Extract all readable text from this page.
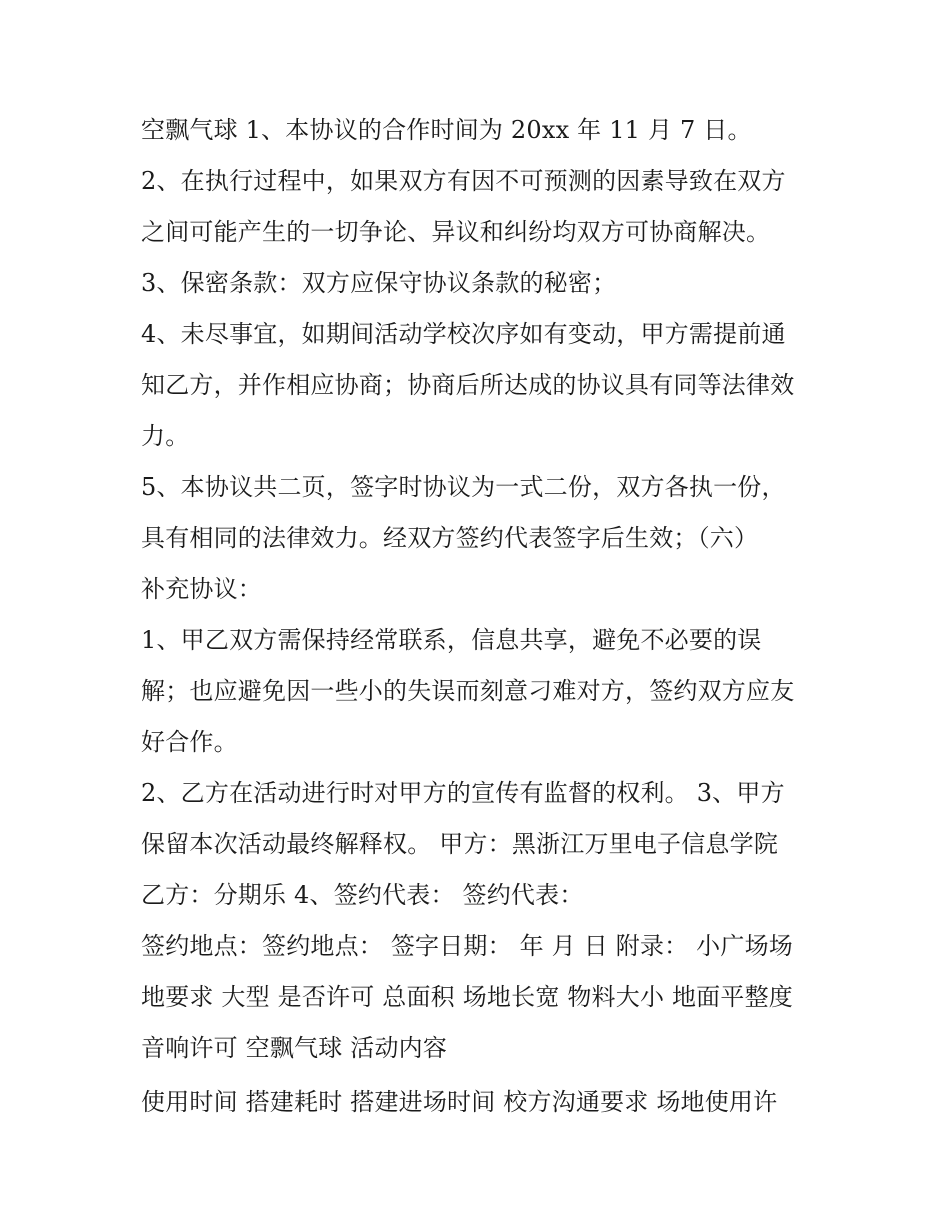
空飘气球 1、本协议的合作时间为 20xx 年 11 月 7 日。
2、在执行过程中，如果双方有因不可预测的因素导致在双方
之间可能产生的一切争论、异议和纠纷均双方可协商解决。
3、保密条款：双方应保守协议条款的秘密；
4、未尽事宜，如期间活动学校次序如有变动，甲方需提前通
知乙方，并作相应协商；协商后所达成的协议具有同等法律效
力。
5、本协议共二页，签字时协议为一式二份，双方各执一份，
具有相同的法律效力。经双方签约代表签字后生效；（六）
补充协议：
1、甲乙双方需保持经常联系，信息共享，避免不必要的误
解；也应避免因一些小的失误而刻意刁难对方，签约双方应友
好合作。
2、乙方在活动进行时对甲方的宣传有监督的权利。 3、甲方
保留本次活动最终解释权。 甲方：黑浙江万里电子信息学院
乙方：分期乐 4、签约代表： 签约代表：
签约地点：签约地点： 签字日期： 年 月 日 附录： 小广场场
地要求 大型 是否许可 总面积 场地长宽 物料大小 地面平整度
音响许可 空飘气球 活动内容
使用时间 搭建耗时 搭建进场时间 校方沟通要求 场地使用许
